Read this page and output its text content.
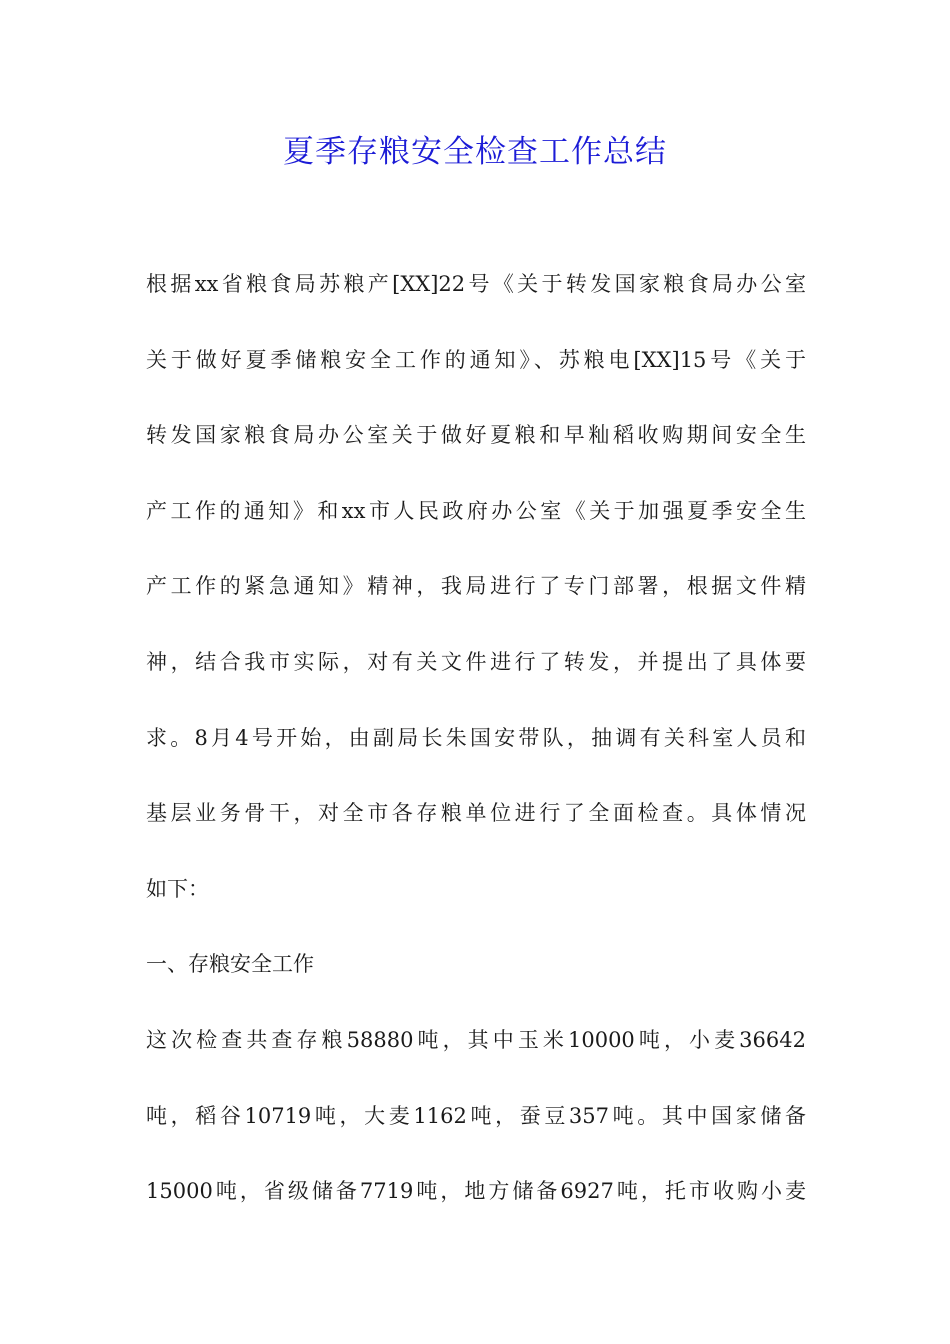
夏季存粮安全检查工作总结
根据xx省粮食局苏粮产[XX]22号《关于转发国家粮食局办公室
关于做好夏季储粮安全工作的通知》、苏粮电[XX]15号《关于
转发国家粮食局办公室关于做好夏粮和早籼稻收购期间安全生
产工作的通知》和xx市人民政府办公室《关于加强夏季安全生
产工作的紧急通知》精神，我局进行了专门部署，根据文件精
神，结合我市实际，对有关文件进行了转发，并提出了具体要
求。8月4号开始，由副局长朱国安带队，抽调有关科室人员和
基层业务骨干，对全市各存粮单位进行了全面检查。具体情况
如下：
一、存粮安全工作
这次检查共查存粮58880吨，其中玉米10000吨，小麦36642
吨，稻谷10719吨，大麦1162吨，蚕豆357吨。其中国家储备
15000吨，省级储备7719吨，地方储备6927吨，托市收购小麦
